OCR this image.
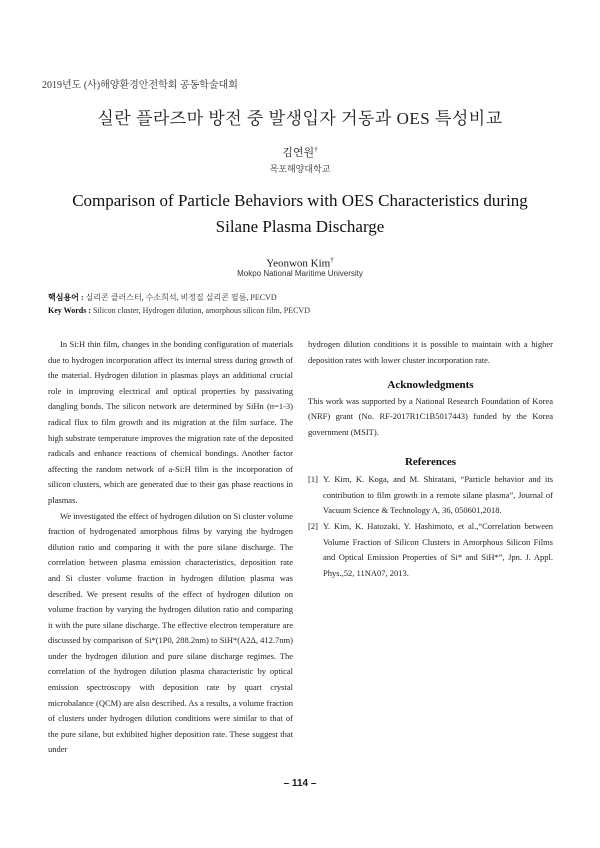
2019년도 (사)해양환경안전학회 공동학술대회
실란 플라즈마 방전 중 발생입자 거동과 OES 특성비교
김연원†
목포해양대학교
Comparison of Particle Behaviors with OES Characteristics during Silane Plasma Discharge
Yeonwon Kim†
Mokpo National Maritime University
핵심용어 : 실리콘 클러스터, 수소희석, 비정질 실리콘 필름, PECVD
Key Words : Silicon cluster, Hydrogen dilution, amorphous silicon film, PECVD

In Si:H thin film, changes in the bonding configuration of materials due to hydrogen incorporation affect its internal stress during growth of the material. Hydrogen dilution in plasmas plays an additional crucial role in improving electrical and optical properties by passivating dangling bonds. The silicon network are determined by SiHn (n=1-3) radical flux to film growth and its migration at the film surface. The high substrate temperature improves the migration rate of the deposited radicals and enhance reactions of chemical bondings. Another factor affecting the random network of a-Si:H film is the incorporation of silicon clusters, which are generated due to their gas phase reactions in plasmas.

We investigated the effect of hydrogen dilution on Si cluster volume fraction of hydrogenated amorphous films by varying the hydrogen dilution ratio and comparing it with the pure silane discharge. The correlation between plasma emission characteristics, deposition rate and Si cluster volume fraction in hydrogen dilution plasma was described. We present results of the effect of hydrogen dilution on volume fraction by varying the hydrogen dilution ratio and comparing it with the pure silane discharge. The effective electron temperature are discussed by comparison of Si*(1P0, 288.2nm) to SiH*(A2Δ, 412.7nm) under the hydrogen dilution and pure silane discharge regimes. The correlation of the hydrogen dilution plasma characteristic by optical emission spectroscopy with deposition rate by quart crystal microbalance (QCM) are also described. As a results, a volume fraction of clusters under hydrogen dilution conditions were similar to that of the pure silane, but exhibited higher deposition rate. These suggest that under

hydrogen dilution conditions it is possible to maintain with a higher deposition rates with lower cluster incorporation rate.

Acknowledgments

This work was supported by a National Research Foundation of Korea (NRF) grant (No. RF-2017R1C1B5017443) funded by the Korea government (MSIT).

References
[1] Y. Kim, K. Koga, and M. Shiratani, “Particle behavior and its contribution to film growth in a remote silane plasma”, Journal of Vacuum Science & Technology A, 36, 050601,2018.
[2] Y. Kim, K. Hatozaki, Y. Hashimoto, et al.,“Correlation between Volume Fraction of Silicon Clusters in Amorphous Silicon Films and Optical Emission Properties of Si* and SiH*”, Jpn. J. Appl. Phys.,52, 11NA07, 2013.
– 114 –
